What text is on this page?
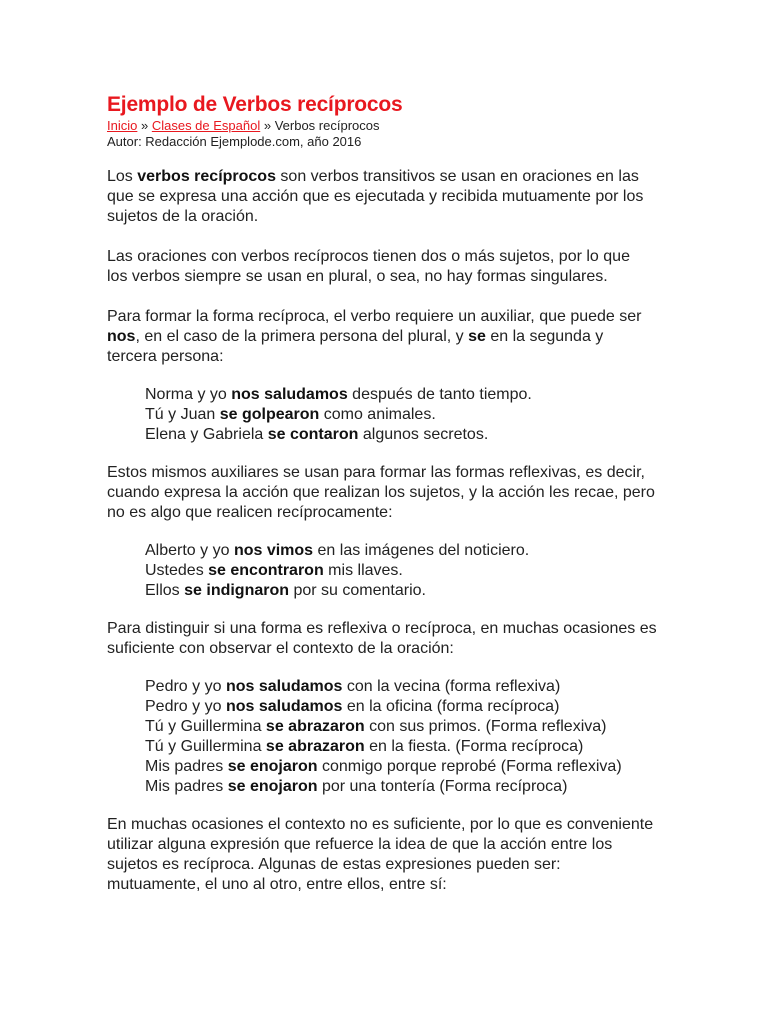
Ejemplo de Verbos recíprocos
Inicio » Clases de Español » Verbos recíprocos
Autor: Redacción Ejemplode.com, año 2016

Los verbos recíprocos son verbos transitivos se usan en oraciones en las que se expresa una acción que es ejecutada y recibida mutuamente por los sujetos de la oración.

Las oraciones con verbos recíprocos tienen dos o más sujetos, por lo que los verbos siempre se usan en plural, o sea, no hay formas singulares.

Para formar la forma recíproca, el verbo requiere un auxiliar, que puede ser nos, en el caso de la primera persona del plural, y se en la segunda y tercera persona:

Norma y yo nos saludamos después de tanto tiempo.
Tú y Juan se golpearon como animales.
Elena y Gabriela se contaron algunos secretos.

Estos mismos auxiliares se usan para formar las formas reflexivas, es decir, cuando expresa la acción que realizan los sujetos, y la acción les recae, pero no es algo que realicen recíprocamente:

Alberto y yo nos vimos en las imágenes del noticiero.
Ustedes se encontraron mis llaves.
Ellos se indignaron por su comentario.

Para distinguir si una forma es reflexiva o recíproca, en muchas ocasiones es suficiente con observar el contexto de la oración:

Pedro y yo nos saludamos con la vecina (forma reflexiva)
Pedro y yo nos saludamos en la oficina (forma recíproca)
Tú y Guillermina se abrazaron con sus primos. (Forma reflexiva)
Tú y Guillermina se abrazaron en la fiesta. (Forma recíproca)
Mis padres se enojaron conmigo porque reprobé (Forma reflexiva)
Mis padres se enojaron por una tontería (Forma recíproca)

En muchas ocasiones el contexto no es suficiente, por lo que es conveniente utilizar alguna expresión que refuerce la idea de que la acción entre los sujetos es recíproca. Algunas de estas expresiones pueden ser: mutuamente, el uno al otro, entre ellos, entre sí:
